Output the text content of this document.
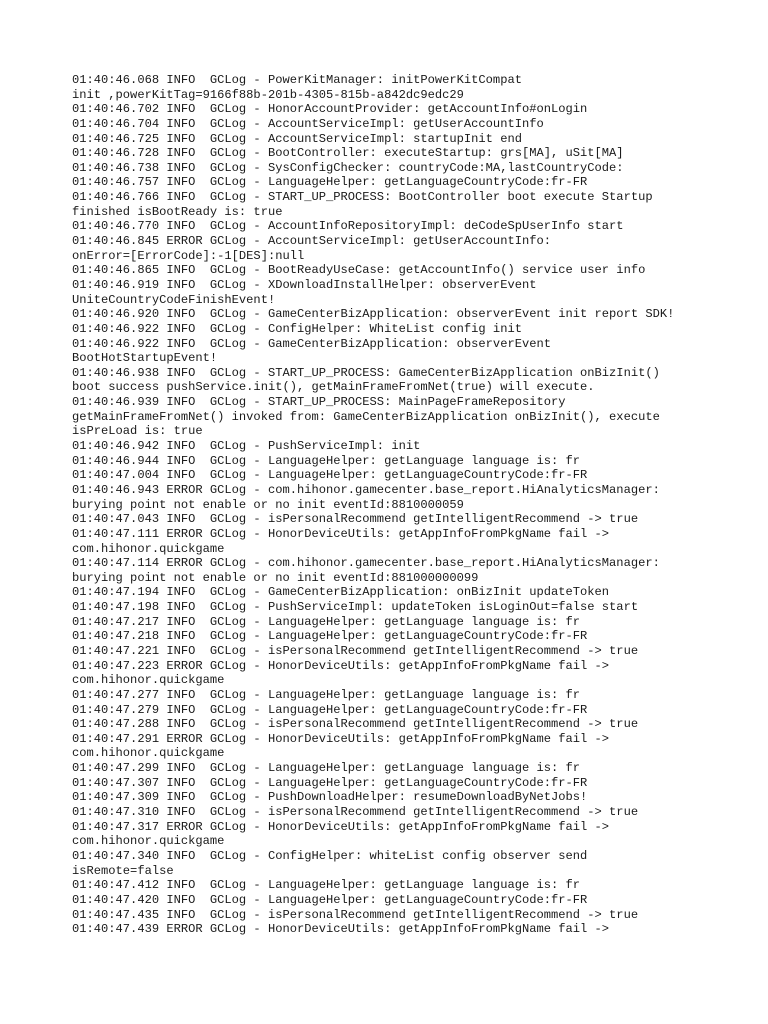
01:40:46.068 INFO  GCLog - PowerKitManager: initPowerKitCompat
init ,powerKitTag=9166f88b-201b-4305-815b-a842dc9edc29
01:40:46.702 INFO  GCLog - HonorAccountProvider: getAccountInfo#onLogin
01:40:46.704 INFO  GCLog - AccountServiceImpl: getUserAccountInfo
01:40:46.725 INFO  GCLog - AccountServiceImpl: startupInit end
01:40:46.728 INFO  GCLog - BootController: executeStartup: grs[MA], uSit[MA]
01:40:46.738 INFO  GCLog - SysConfigChecker: countryCode:MA,lastCountryCode:
01:40:46.757 INFO  GCLog - LanguageHelper: getLanguageCountryCode:fr-FR
01:40:46.766 INFO  GCLog - START_UP_PROCESS: BootController boot execute Startup
finished isBootReady is: true
01:40:46.770 INFO  GCLog - AccountInfoRepositoryImpl: deCodeSpUserInfo start
01:40:46.845 ERROR GCLog - AccountServiceImpl: getUserAccountInfo:
onError=[ErrorCode]:-1[DES]:null
01:40:46.865 INFO  GCLog - BootReadyUseCase: getAccountInfo() service user info
01:40:46.919 INFO  GCLog - XDownloadInstallHelper: observerEvent
UniteCountryCodeFinishEvent!
01:40:46.920 INFO  GCLog - GameCenterBizApplication: observerEvent init report SDK!
01:40:46.922 INFO  GCLog - ConfigHelper: WhiteList config init
01:40:46.922 INFO  GCLog - GameCenterBizApplication: observerEvent
BootHotStartupEvent!
01:40:46.938 INFO  GCLog - START_UP_PROCESS: GameCenterBizApplication onBizInit()
boot success pushService.init(), getMainFrameFromNet(true) will execute.
01:40:46.939 INFO  GCLog - START_UP_PROCESS: MainPageFrameRepository
getMainFrameFromNet() invoked from: GameCenterBizApplication onBizInit(), execute
isPreLoad is: true
01:40:46.942 INFO  GCLog - PushServiceImpl: init
01:40:46.944 INFO  GCLog - LanguageHelper: getLanguage language is: fr
01:40:47.004 INFO  GCLog - LanguageHelper: getLanguageCountryCode:fr-FR
01:40:46.943 ERROR GCLog - com.hihonor.gamecenter.base_report.HiAnalyticsManager:
burying point not enable or no init eventId:8810000059
01:40:47.043 INFO  GCLog - isPersonalRecommend getIntelligentRecommend -> true
01:40:47.111 ERROR GCLog - HonorDeviceUtils: getAppInfoFromPkgName fail ->
com.hihonor.quickgame
01:40:47.114 ERROR GCLog - com.hihonor.gamecenter.base_report.HiAnalyticsManager:
burying point not enable or no init eventId:881000000099
01:40:47.194 INFO  GCLog - GameCenterBizApplication: onBizInit updateToken
01:40:47.198 INFO  GCLog - PushServiceImpl: updateToken isLoginOut=false start
01:40:47.217 INFO  GCLog - LanguageHelper: getLanguage language is: fr
01:40:47.218 INFO  GCLog - LanguageHelper: getLanguageCountryCode:fr-FR
01:40:47.221 INFO  GCLog - isPersonalRecommend getIntelligentRecommend -> true
01:40:47.223 ERROR GCLog - HonorDeviceUtils: getAppInfoFromPkgName fail ->
com.hihonor.quickgame
01:40:47.277 INFO  GCLog - LanguageHelper: getLanguage language is: fr
01:40:47.279 INFO  GCLog - LanguageHelper: getLanguageCountryCode:fr-FR
01:40:47.288 INFO  GCLog - isPersonalRecommend getIntelligentRecommend -> true
01:40:47.291 ERROR GCLog - HonorDeviceUtils: getAppInfoFromPkgName fail ->
com.hihonor.quickgame
01:40:47.299 INFO  GCLog - LanguageHelper: getLanguage language is: fr
01:40:47.307 INFO  GCLog - LanguageHelper: getLanguageCountryCode:fr-FR
01:40:47.309 INFO  GCLog - PushDownloadHelper: resumeDownloadByNetJobs!
01:40:47.310 INFO  GCLog - isPersonalRecommend getIntelligentRecommend -> true
01:40:47.317 ERROR GCLog - HonorDeviceUtils: getAppInfoFromPkgName fail ->
com.hihonor.quickgame
01:40:47.340 INFO  GCLog - ConfigHelper: whiteList config observer send
isRemote=false
01:40:47.412 INFO  GCLog - LanguageHelper: getLanguage language is: fr
01:40:47.420 INFO  GCLog - LanguageHelper: getLanguageCountryCode:fr-FR
01:40:47.435 INFO  GCLog - isPersonalRecommend getIntelligentRecommend -> true
01:40:47.439 ERROR GCLog - HonorDeviceUtils: getAppInfoFromPkgName fail ->
